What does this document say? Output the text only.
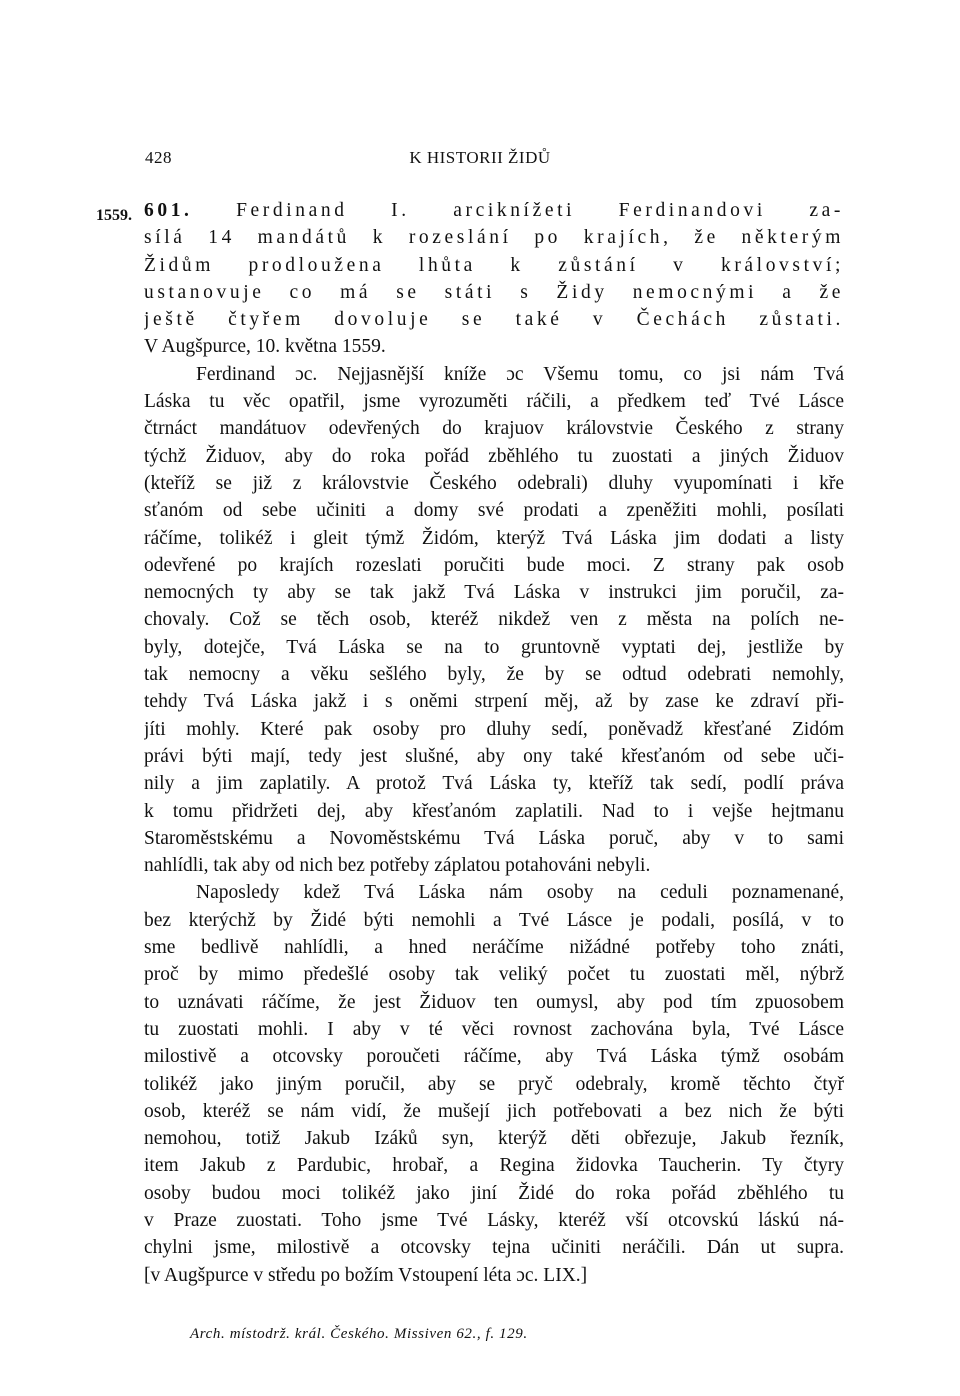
428	K HISTORII ŽIDŮ
1559. 601. Ferdinand I. arciknížeti Ferdinandovi za-
sílá 14 mandátů k rozeslání po krajích, že některým
Židům prodloužena lhůta k zůstání v království;
ustanovuje co má se státi s Židy nemocnými a že
ještě čtyřem dovoluje se také v Čechách zůstati.
V Augšpurce, 10. května 1559.
Ferdinand ɔc. Nejjasnější kníže ɔc Všemu tomu, co jsi nám Tvá
Láska tu věc opatřil, jsme vyrozuměti ráčili, a předkem teď Tvé Lásce
čtrnáct mandátuov odevřených do krajuov královstvie Českého z strany
týchž Židuov, aby do roka pořád zběhlého tu zuostati a jiných Židuov
(kteříž se již z královstvie Českého odebrali) dluhy vyupomínati i kře
sťanóm od sebe učiniti a domy své prodati a zpeněžiti mohli, posílati
ráčíme, tolikéž i gleit týmž Židóm, kterýž Tvá Láska jim dodati a listy
odevřené po krajích rozeslati poručiti bude moci. Z strany pak osob
nemocných ty aby se tak jakž Tvá Láska v instrukci jim poručil, za-
chovaly. Což se těch osob, kteréž nikdež ven z města na polích ne-
byly, dotejče, Tvá Láska se na to gruntovně vyptati dej, jestliže by
tak nemocny a věku sešlého byly, že by se odtud odebrati nemohly,
tehdy Tvá Láska jakž i s oněmi strpení měj, až by zase ke zdraví při-
jíti mohly. Které pak osoby pro dluhy sedí, poněvadž křesťané Zidóm
právi býti mají, tedy jest slušné, aby ony také křesťanóm od sebe uči-
nily a jim zaplatily. A protož Tvá Láska ty, kteříž tak sedí, podlí práva
k tomu přidržeti dej, aby křesťanóm zaplatili. Nad to i vejše hejtmanu
Staroměstskému a Novoměstskému Tvá Láska poruč, aby v to sami
nahlídli, tak aby od nich bez potřeby záplatou potahováni nebyli.
Naposledy kdež Tvá Láska nám osoby na ceduli poznamenané,
bez kterýchž by Židé býti nemohli a Tvé Lásce je podali, posílá, v to
sme bedlivě nahlídli, a hned neráčíme nižádné potřeby toho znáti,
proč by mimo předešlé osoby tak veliký počet tu zuostati měl, nýbrž
to uznávati ráčíme, že jest Židuov ten oumysl, aby pod tím zpuosobem
tu zuostati mohli. I aby v té věci rovnost zachována byla, Tvé Lásce
milostivě a otcovsky poroučeti ráčíme, aby Tvá Láska týmž osobám
tolikéž jako jiným poručil, aby se pryč odebraly, kromě těchto čtyř
osob, kteréž se nám vidí, že mušejí jich potřebovati a bez nich že býti
nemohou, totiž Jakub Izáků syn, kterýž děti obřezuje, Jakub řezník,
item Jakub z Pardubic, hrobař, a Regina židovka Taucherin. Ty čtyry
osoby budou moci tolikéž jako jiní Židé do roka pořád zběhlého tu
v Praze zuostati. Toho jsme Tvé Lásky, kteréž vší otcovskú láskú ná-
chylni jsme, milostivě a otcovsky tejna učiniti neráčili. Dán ut supra.
[v Augšpurce v středu po božím Vstoupení léta ɔc. LIX.]
Arch. místodrž. král. Českého. Missiven 62., f. 129.
